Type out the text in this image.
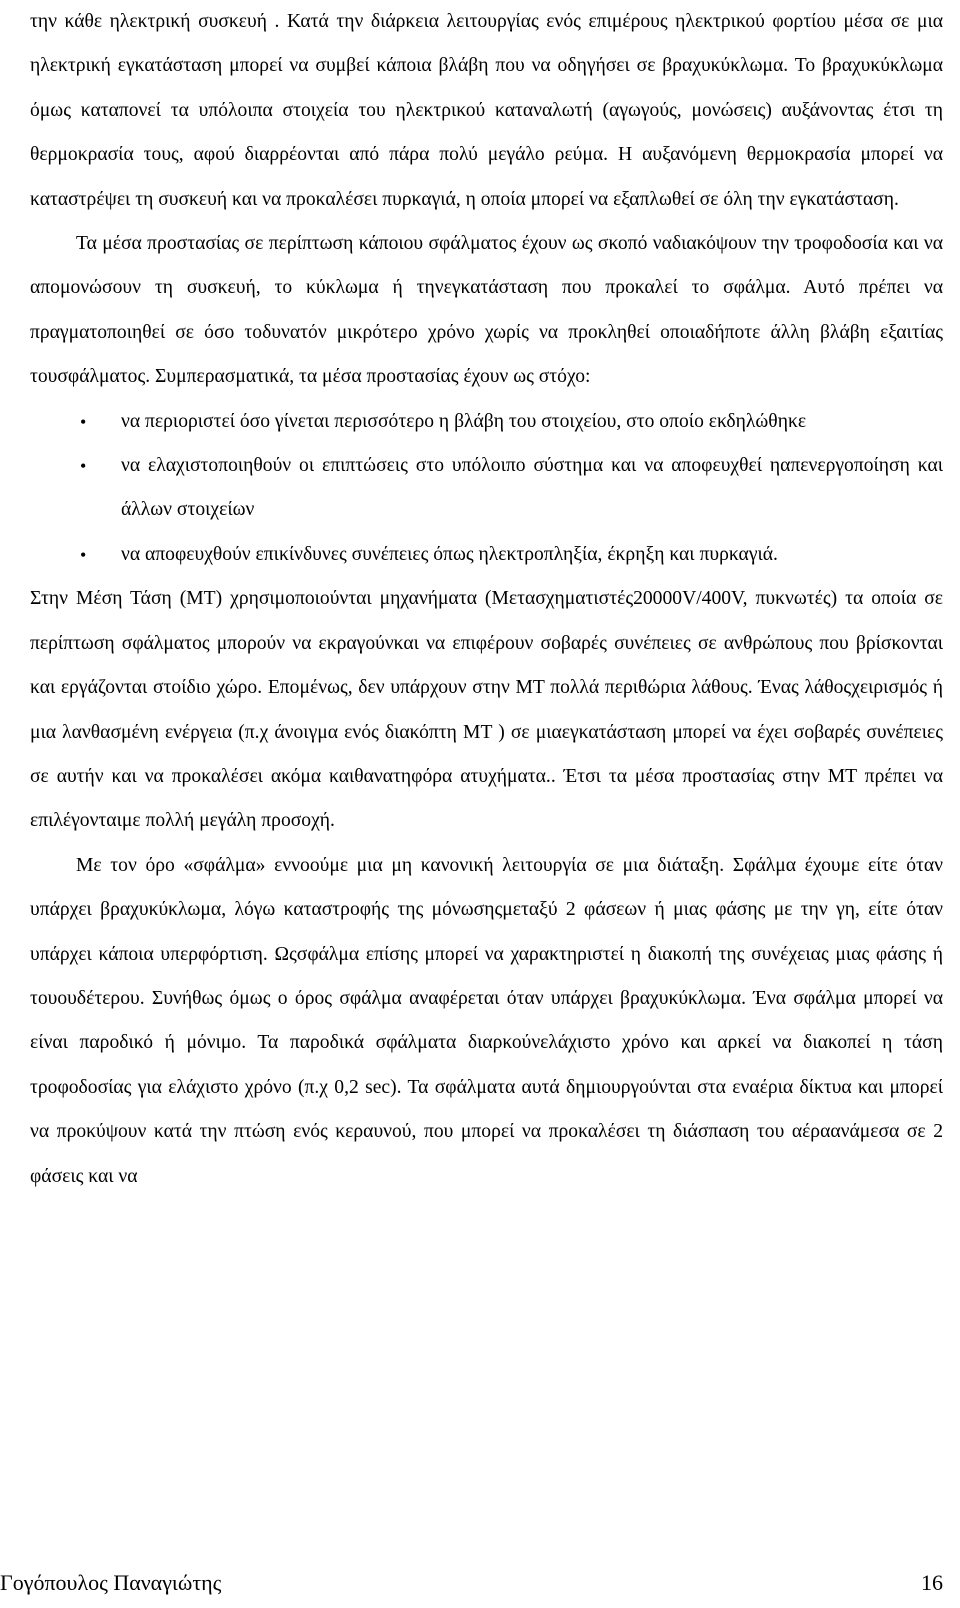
την κάθε ηλεκτρική συσκευή . Κατά την διάρκεια λειτουργίας ενός επιμέρους ηλεκτρικού φορτίου μέσα σε μια ηλεκτρική εγκατάσταση μπορεί να συμβεί κάποια βλάβη που να οδηγήσει σε βραχυκύκλωμα. Το βραχυκύκλωμα όμως καταπονεί τα υπόλοιπα στοιχεία του ηλεκτρικού καταναλωτή (αγωγούς, μονώσεις) αυξάνοντας έτσι τη θερμοκρασία τους, αφού διαρρέονται από πάρα πολύ μεγάλο ρεύμα. Η αυξανόμενη θερμοκρασία μπορεί να καταστρέψει τη συσκευή και να προκαλέσει πυρκαγιά, η οποία μπορεί να εξαπλωθεί σε όλη την εγκατάσταση.

Τα μέσα προστασίας σε περίπτωση κάποιου σφάλματος έχουν ως σκοπό ναδιακόψουν την τροφοδοσία και να απομονώσουν τη συσκευή, το κύκλωμα ή τηνεγκατάσταση που προκαλεί το σφάλμα. Αυτό πρέπει να πραγματοποιηθεί σε όσο τοδυνατόν μικρότερο χρόνο χωρίς να προκληθεί οποιαδήποτε άλλη βλάβη εξαιτίας τουσφάλματος. Συμπερασματικά, τα μέσα προστασίας έχουν ως στόχο:

• να περιοριστεί όσο γίνεται περισσότερο η βλάβη του στοιχείου, στο οποίο εκδηλώθηκε
• να ελαχιστοποιηθούν οι επιπτώσεις στο υπόλοιπο σύστημα και να αποφευχθεί ηαπενεργοποίηση και άλλων στοιχείων
• να αποφευχθούν επικίνδυνες συνέπειες όπως ηλεκτροπληξία, έκρηξη και πυρκαγιά.

Στην Μέση Τάση (ΜΤ) χρησιμοποιούνται μηχανήματα (Μετασχηματιστές20000V/400V, πυκνωτές) τα οποία σε περίπτωση σφάλματος μπορούν να εκραγούνκαι να επιφέρουν σοβαρές συνέπειες σε ανθρώπους που βρίσκονται και εργάζονται στοίδιο χώρο. Επομένως, δεν υπάρχουν στην ΜΤ πολλά περιθώρια λάθους. Ένας λάθοςχειρισμός ή μια λανθασμένη ενέργεια (π.χ άνοιγμα ενός διακόπτη ΜΤ ) σε μιαεγκατάσταση μπορεί να έχει σοβαρές συνέπειες σε αυτήν και να προκαλέσει ακόμα καιθανατηφόρα ατυχήματα.. Έτσι τα μέσα προστασίας στην ΜΤ πρέπει να επιλέγονταιμε πολλή μεγάλη προσοχή.

Με τον όρο «σφάλμα» εννοούμε μια μη κανονική λειτουργία σε μια διάταξη. Σφάλμα έχουμε είτε όταν υπάρχει βραχυκύκλωμα, λόγω καταστροφής της μόνωσηςμεταξύ 2 φάσεων ή μιας φάσης με την γη, είτε όταν υπάρχει κάποια υπερφόρτιση. Ωςσφάλμα επίσης μπορεί να χαρακτηριστεί η διακοπή της συνέχειας μιας φάσης ή τουουδέτερου. Συνήθως όμως ο όρος σφάλμα αναφέρεται όταν υπάρχει βραχυκύκλωμα. Ένα σφάλμα μπορεί να είναι παροδικό ή μόνιμο. Τα παροδικά σφάλματα διαρκούνελάχιστο χρόνο και αρκεί να διακοπεί η τάση τροφοδοσίας για ελάχιστο χρόνο (π.χ 0,2 sec). Τα σφάλματα αυτά δημιουργούνται στα εναέρια δίκτυα και μπορεί να προκύψουν κατά την πτώση ενός κεραυνού, που μπορεί να προκαλέσει τη διάσπαση του αέραανάμεσα σε 2 φάσεις και να

Γογόπουλος Παναγιώτης	16
